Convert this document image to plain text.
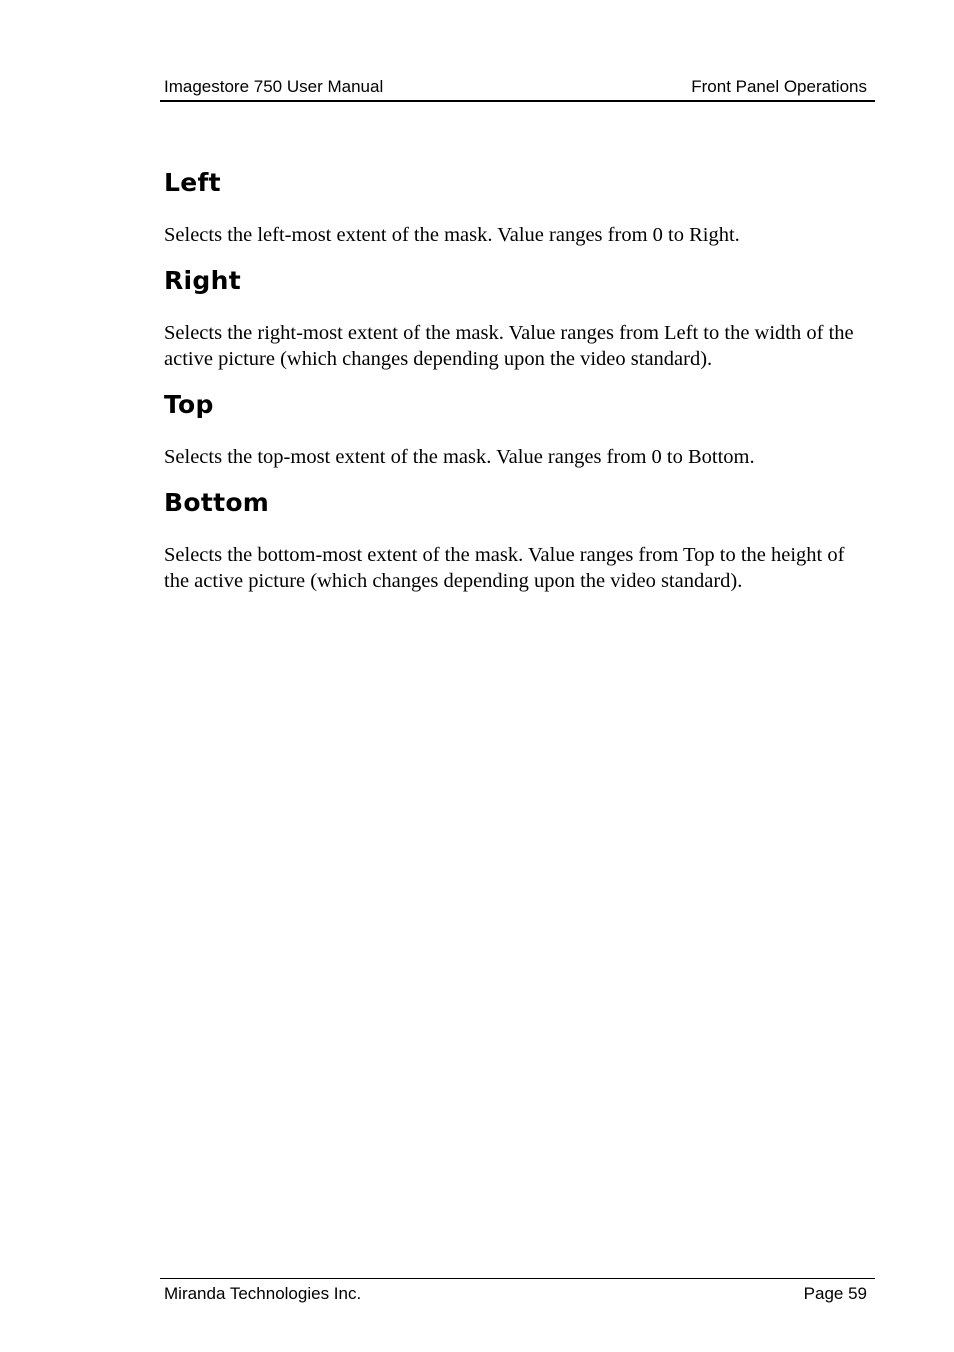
Imagestore 750 User Manual	Front Panel Operations
Left

Selects the left-most extent of the mask. Value ranges from 0 to Right.

Right

Selects the right-most extent of the mask. Value ranges from Left to the width of the active picture (which changes depending upon the video standard).

Top

Selects the top-most extent of the mask. Value ranges from 0 to Bottom.

Bottom

Selects the bottom-most extent of the mask. Value ranges from Top to the height of the active picture (which changes depending upon the video standard).

Miranda Technologies Inc.	Page 59
